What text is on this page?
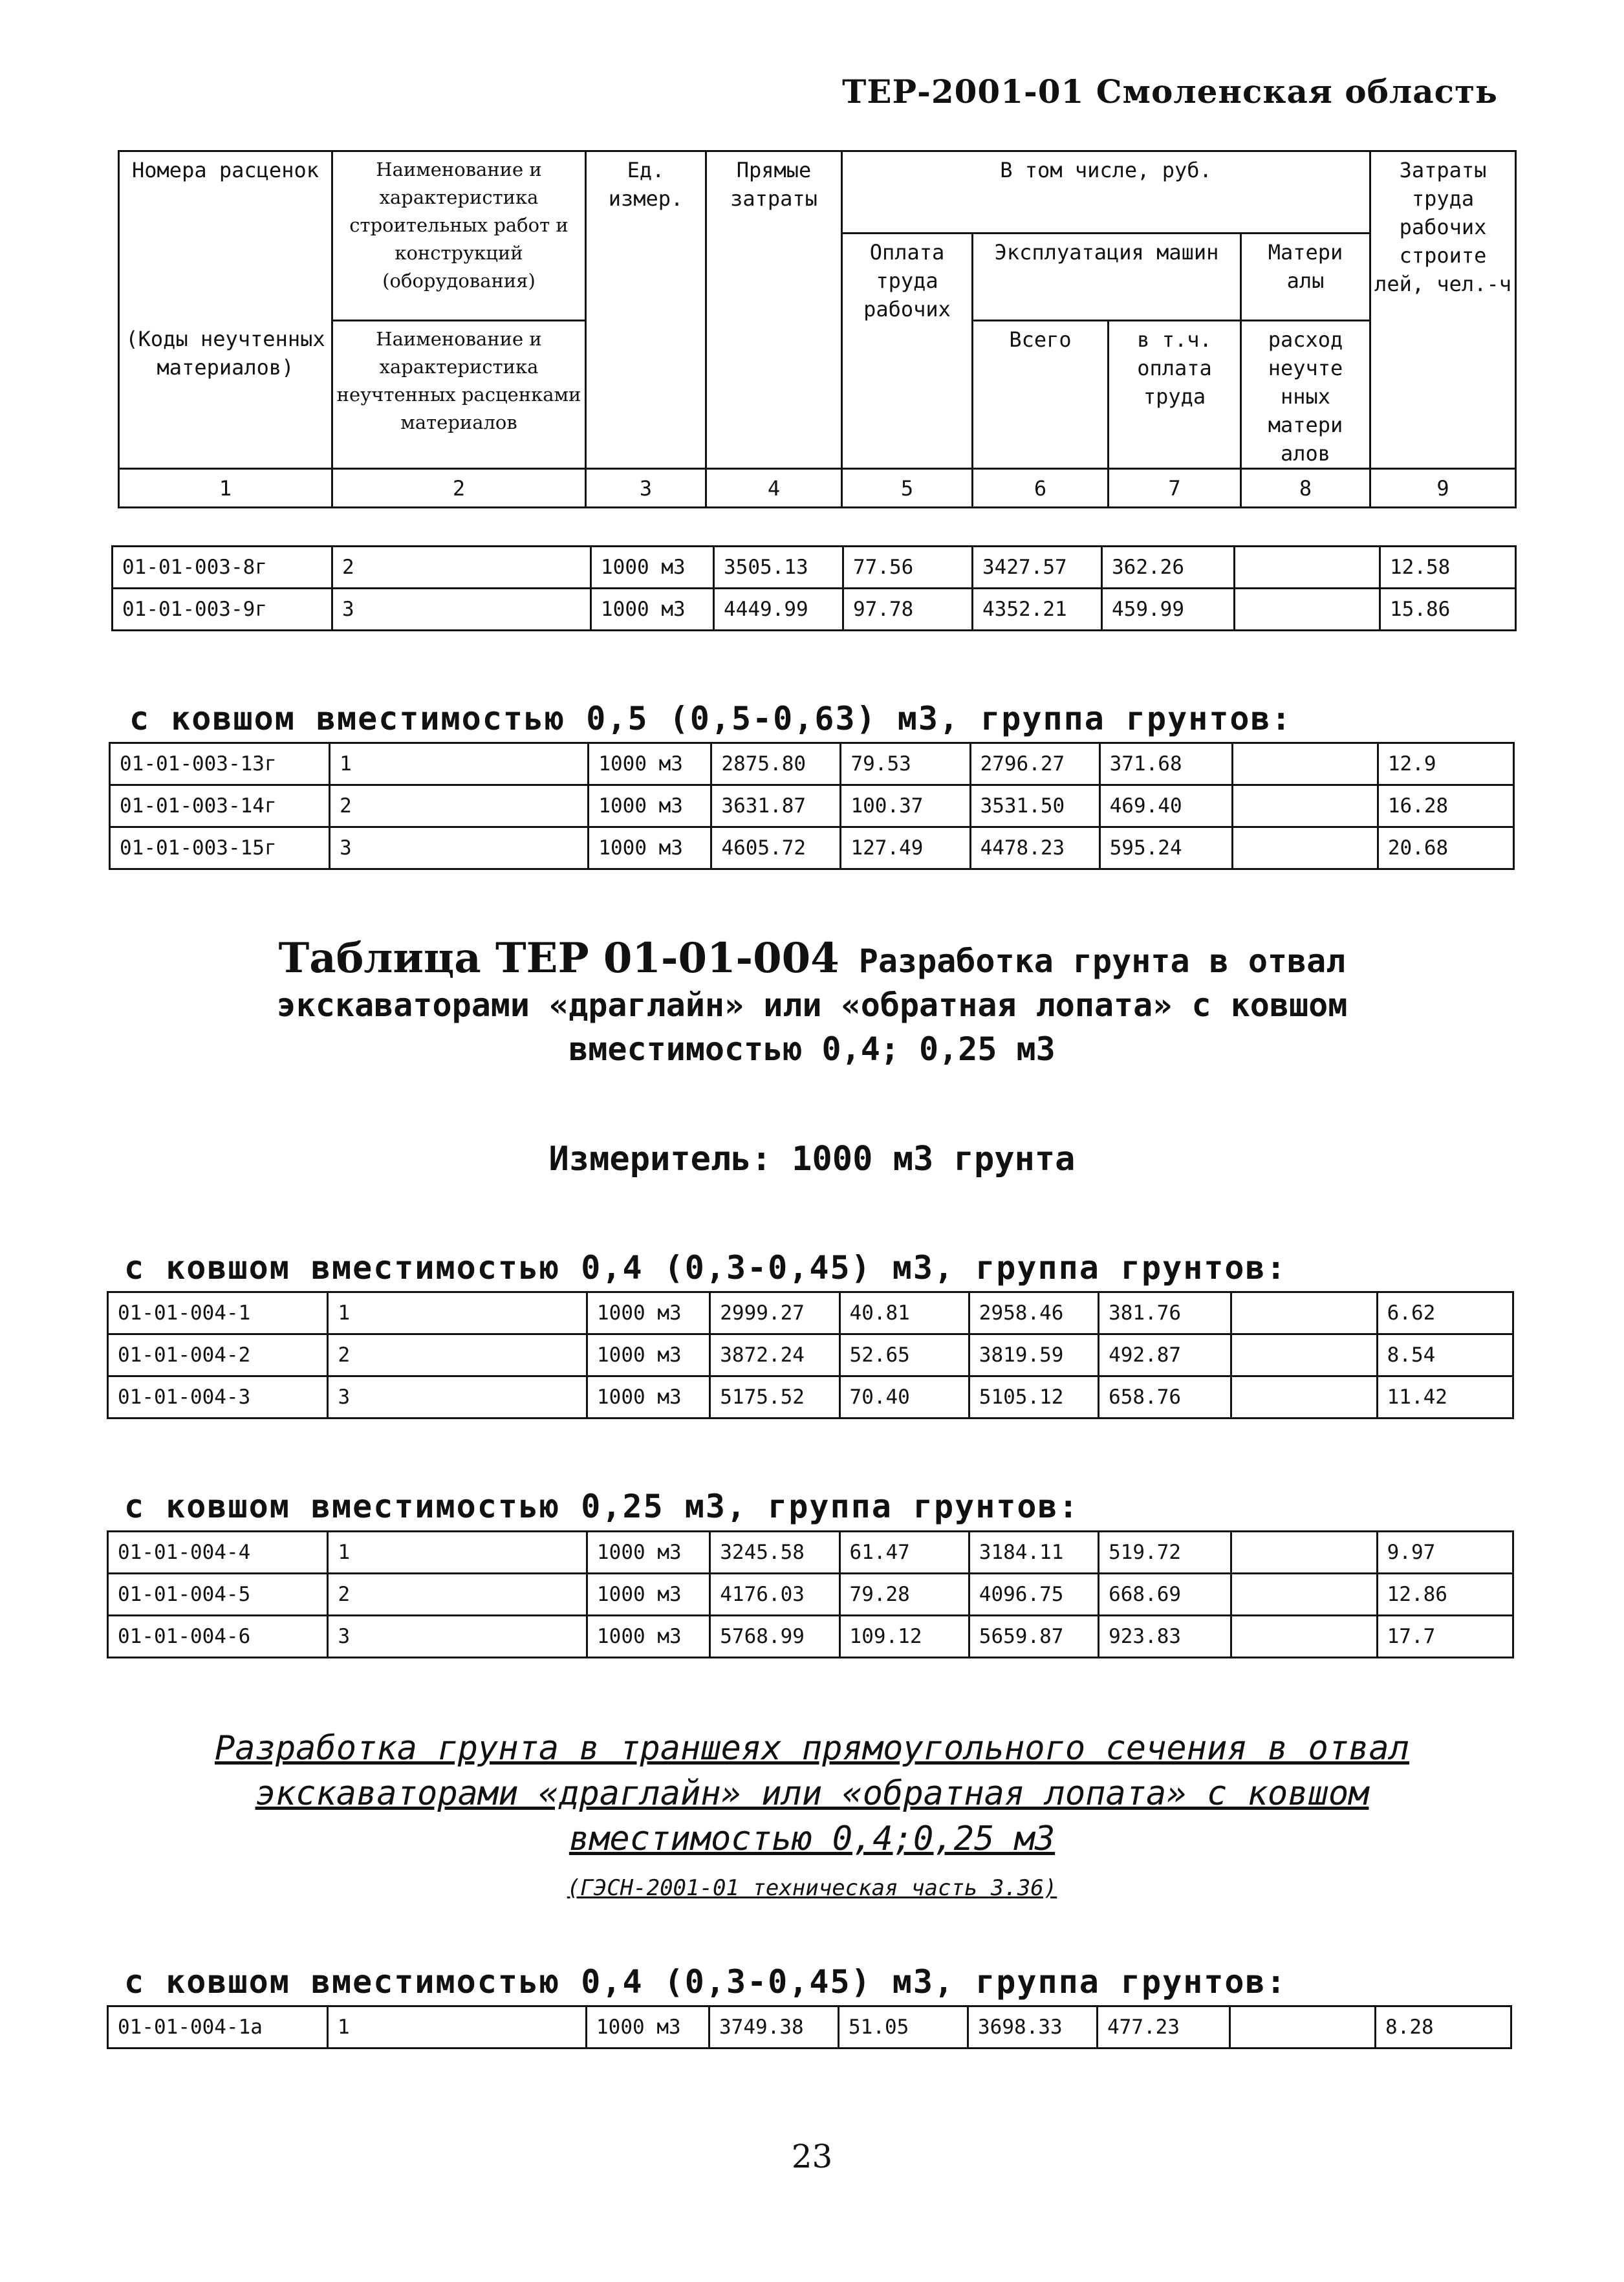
ТЕР-2001-01 Смоленская область
Номера расценок	Наименование и характеристика строительных работ и конструкций (оборудования)	Ед. измер.	Прямые затраты	В том числе, руб.				Затраты труда рабочих строите лей, чел.-ч
				Оплата труда рабочих	Эксплуатация машин		Матери алы	
(Коды неучтенных материалов)	Наименование и характеристика неучтенных расценками материалов				Всего	в т.ч. оплата труда	расход неучте нных матери алов	
1	2	3	4	5	6	7	8	9
01-01-003-8г	2	1000 м3	3505.13	77.56	3427.57	362.26		12.58
01-01-003-9г	3	1000 м3	4449.99	97.78	4352.21	459.99		15.86
с ковшом вместимостью 0,5 (0,5-0,63) м3, группа грунтов:
01-01-003-13г	1	1000 м3	2875.80	79.53	2796.27	371.68		12.9
01-01-003-14г	2	1000 м3	3631.87	100.37	3531.50	469.40		16.28
01-01-003-15г	3	1000 м3	4605.72	127.49	4478.23	595.24		20.68
Таблица ТЕР 01-01-004 Разработка грунта в отвал
экскаваторами «драглайн» или «обратная лопата» с ковшом
вместимостью 0,4; 0,25 м3
Измеритель: 1000 м3 грунта
с ковшом вместимостью 0,4 (0,3-0,45) м3, группа грунтов:
01-01-004-1	1	1000 м3	2999.27	40.81	2958.46	381.76		6.62
01-01-004-2	2	1000 м3	3872.24	52.65	3819.59	492.87		8.54
01-01-004-3	3	1000 м3	5175.52	70.40	5105.12	658.76		11.42
с ковшом вместимостью 0,25 м3, группа грунтов:
01-01-004-4	1	1000 м3	3245.58	61.47	3184.11	519.72		9.97
01-01-004-5	2	1000 м3	4176.03	79.28	4096.75	668.69		12.86
01-01-004-6	3	1000 м3	5768.99	109.12	5659.87	923.83		17.7
Разработка грунта в траншеях прямоугольного сечения в отвал
экскаваторами «драглайн» или «обратная лопата» с ковшом
вместимостью 0,4;0,25 м3
(ГЭСН-2001-01 техническая часть 3.36)
с ковшом вместимостью 0,4 (0,3-0,45) м3, группа грунтов:
01-01-004-1а	1	1000 м3	3749.38	51.05	3698.33	477.23		8.28
23
